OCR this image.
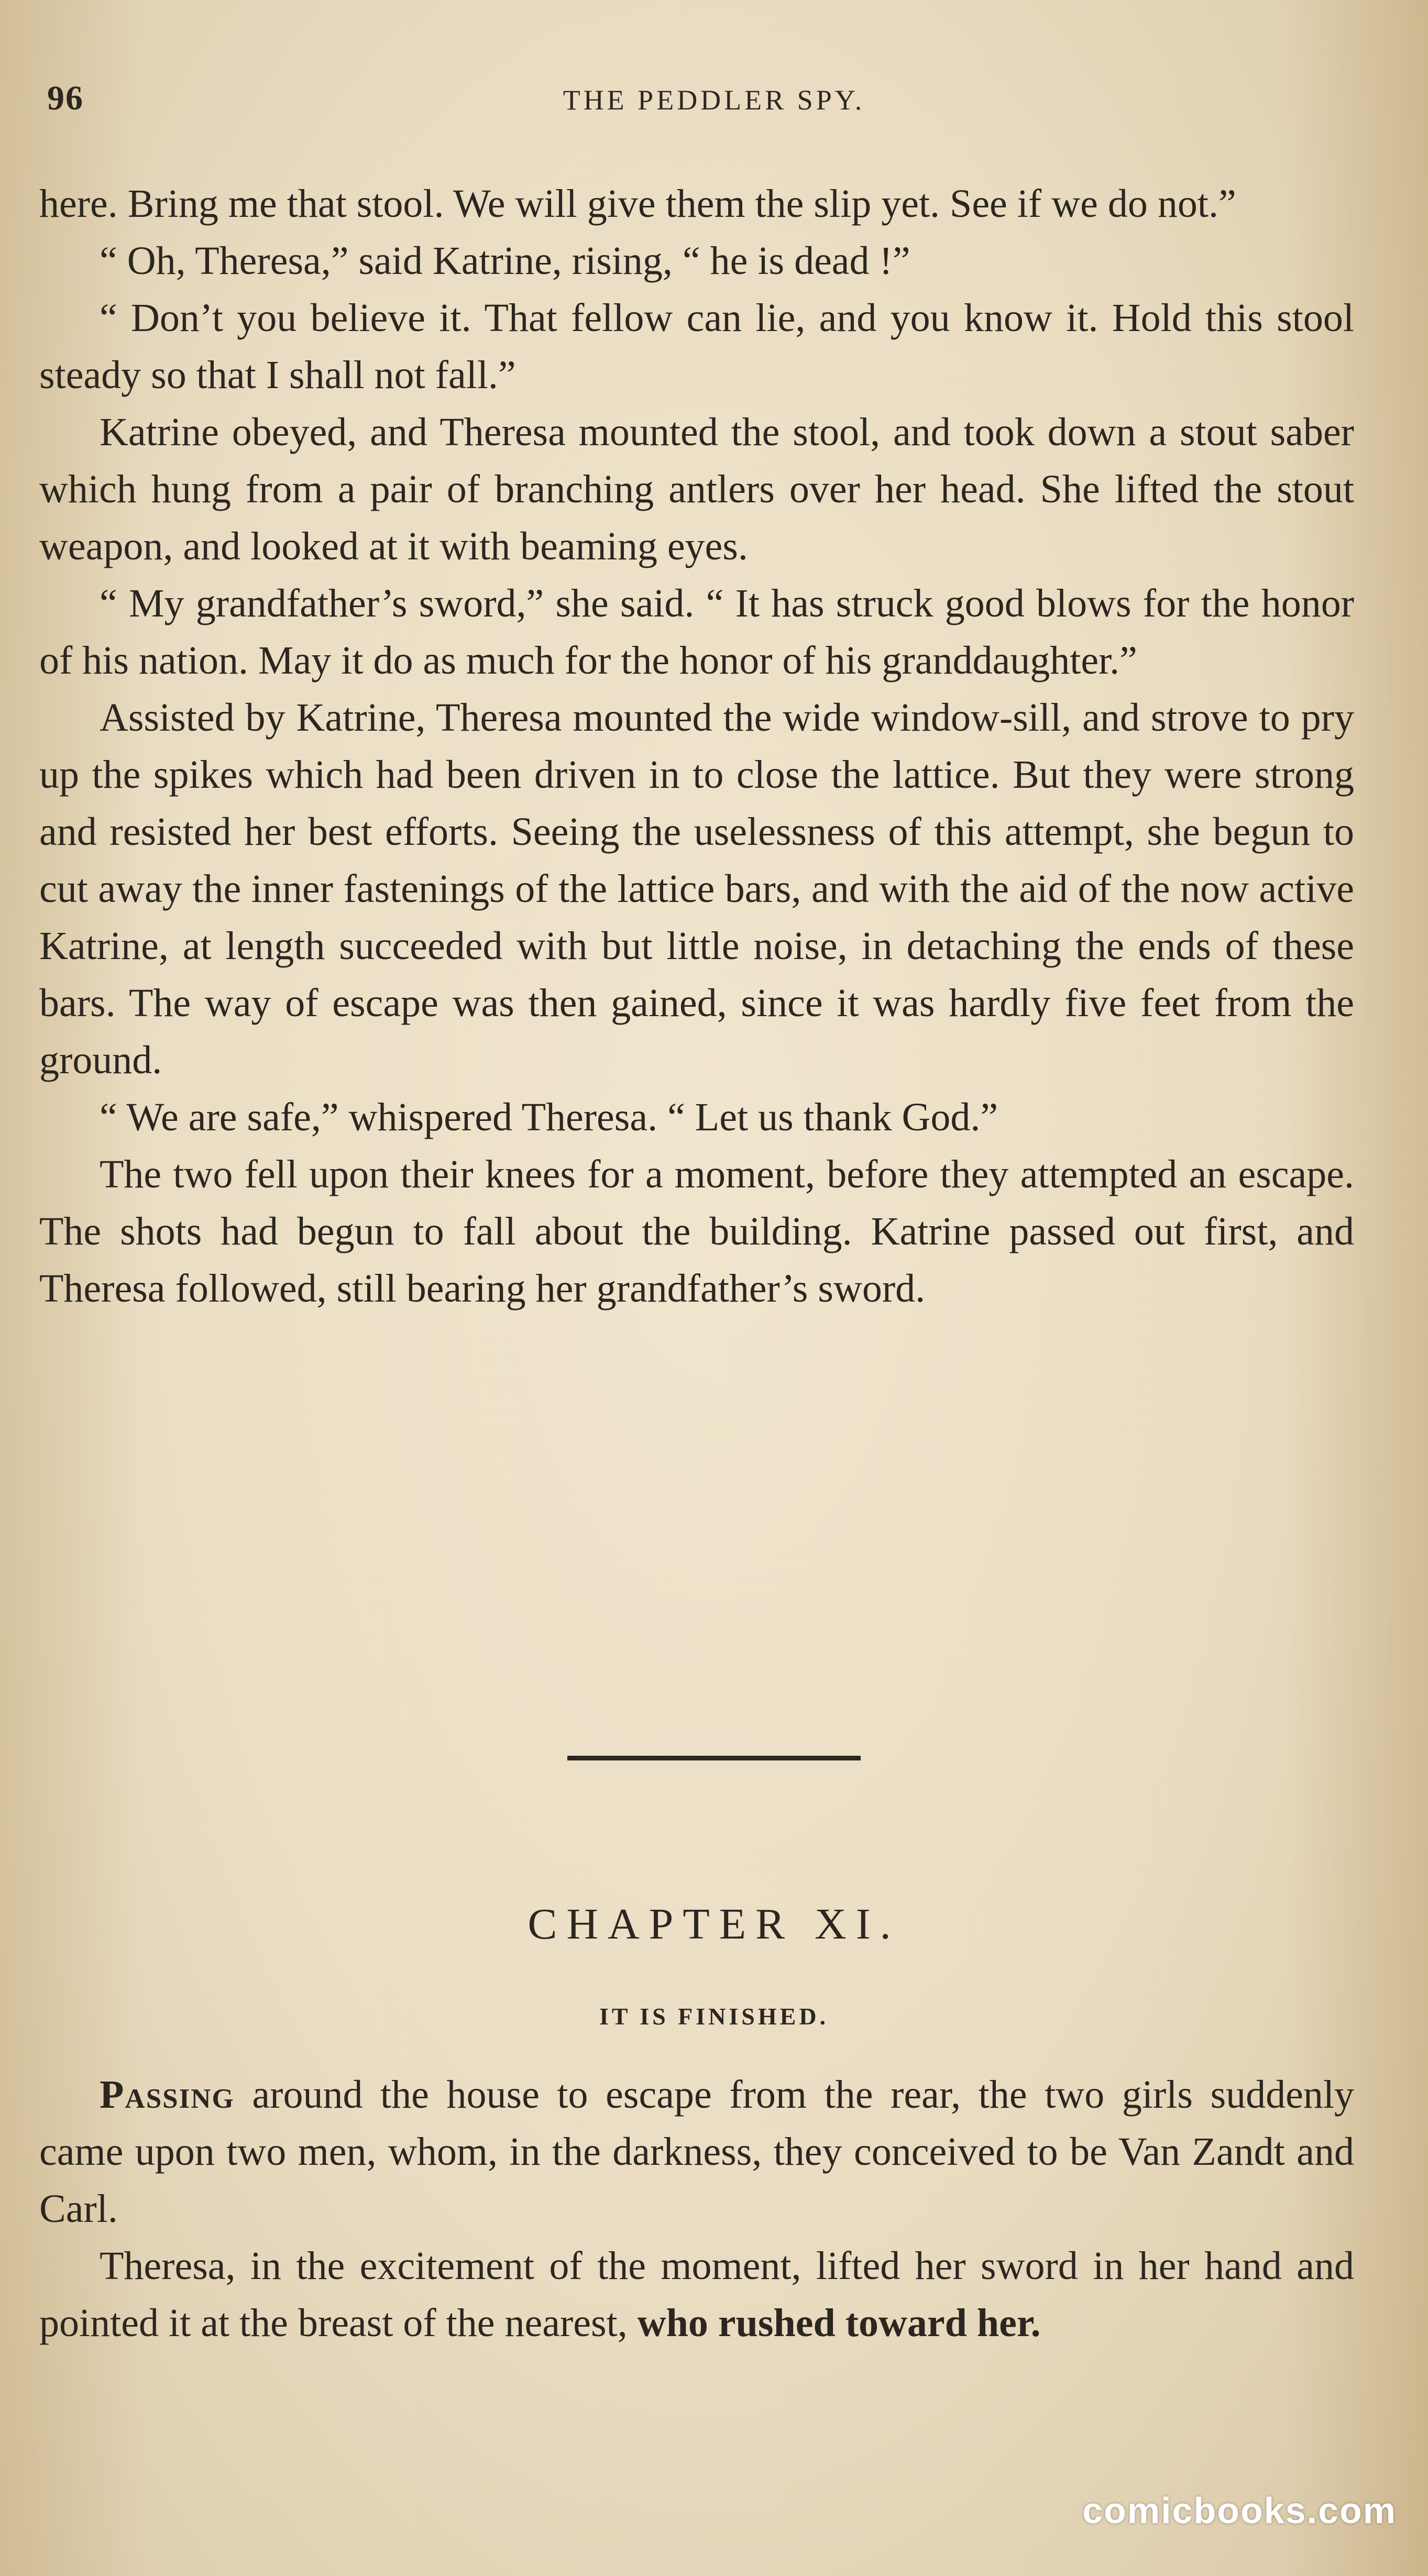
96	THE PEDDLER SPY.

here. Bring me that stool. We will give them the slip yet. See if we do not.”

“ Oh, Theresa,” said Katrine, rising, “ he is dead !”

“ Don’t you believe it. That fellow can lie, and you know it. Hold this stool steady so that I shall not fall.”

Katrine obeyed, and Theresa mounted the stool, and took down a stout saber which hung from a pair of branching antlers over her head. She lifted the stout weapon, and looked at it with beaming eyes.

“ My grandfather’s sword,” she said. “ It has struck good blows for the honor of his nation. May it do as much for the honor of his granddaughter.”

Assisted by Katrine, Theresa mounted the wide window-sill, and strove to pry up the spikes which had been driven in to close the lattice. But they were strong and resisted her best efforts. Seeing the uselessness of this attempt, she begun to cut away the inner fastenings of the lattice bars, and with the aid of the now active Katrine, at length succeeded with but little noise, in detaching the ends of these bars. The way of escape was then gained, since it was hardly five feet from the ground.

“ We are safe,” whispered Theresa. “ Let us thank God.”

The two fell upon their knees for a moment, before they attempted an escape. The shots had begun to fall about the building. Katrine passed out first, and Theresa followed, still bearing her grandfather’s sword.

CHAPTER XI.
IT IS FINISHED.

Passing around the house to escape from the rear, the two girls suddenly came upon two men, whom, in the darkness, they conceived to be Van Zandt and Carl.

Theresa, in the excitement of the moment, lifted her sword in her hand and pointed it at the breast of the nearest, who rushed toward her.

comicbooks.com
